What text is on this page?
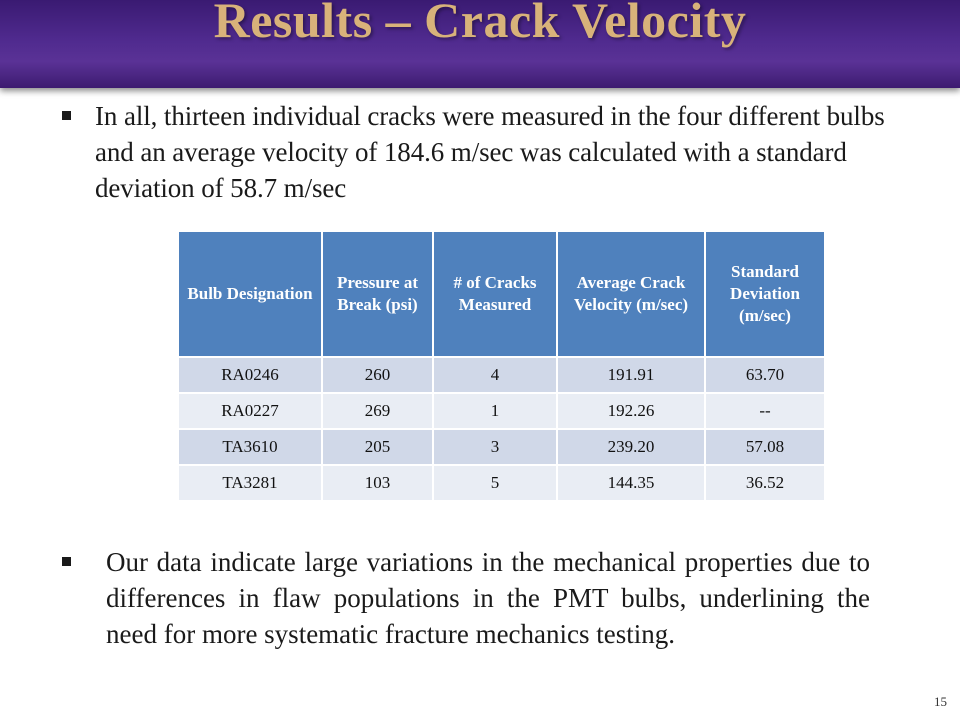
Results – Crack Velocity
In all, thirteen individual cracks were measured in the four different bulbs and an average velocity of 184.6 m/sec was calculated with a standard deviation of 58.7 m/sec
Bulb Designation	Pressure at Break (psi)	# of Cracks Measured	Average Crack Velocity (m/sec)	Standard Deviation (m/sec)
RA0246	260	4	191.91	63.70
RA0227	269	1	192.26	--
TA3610	205	3	239.20	57.08
TA3281	103	5	144.35	36.52
Our data indicate large variations in the mechanical properties due to differences in flaw populations in the PMT bulbs, underlining the need for more systematic fracture mechanics testing.
15
